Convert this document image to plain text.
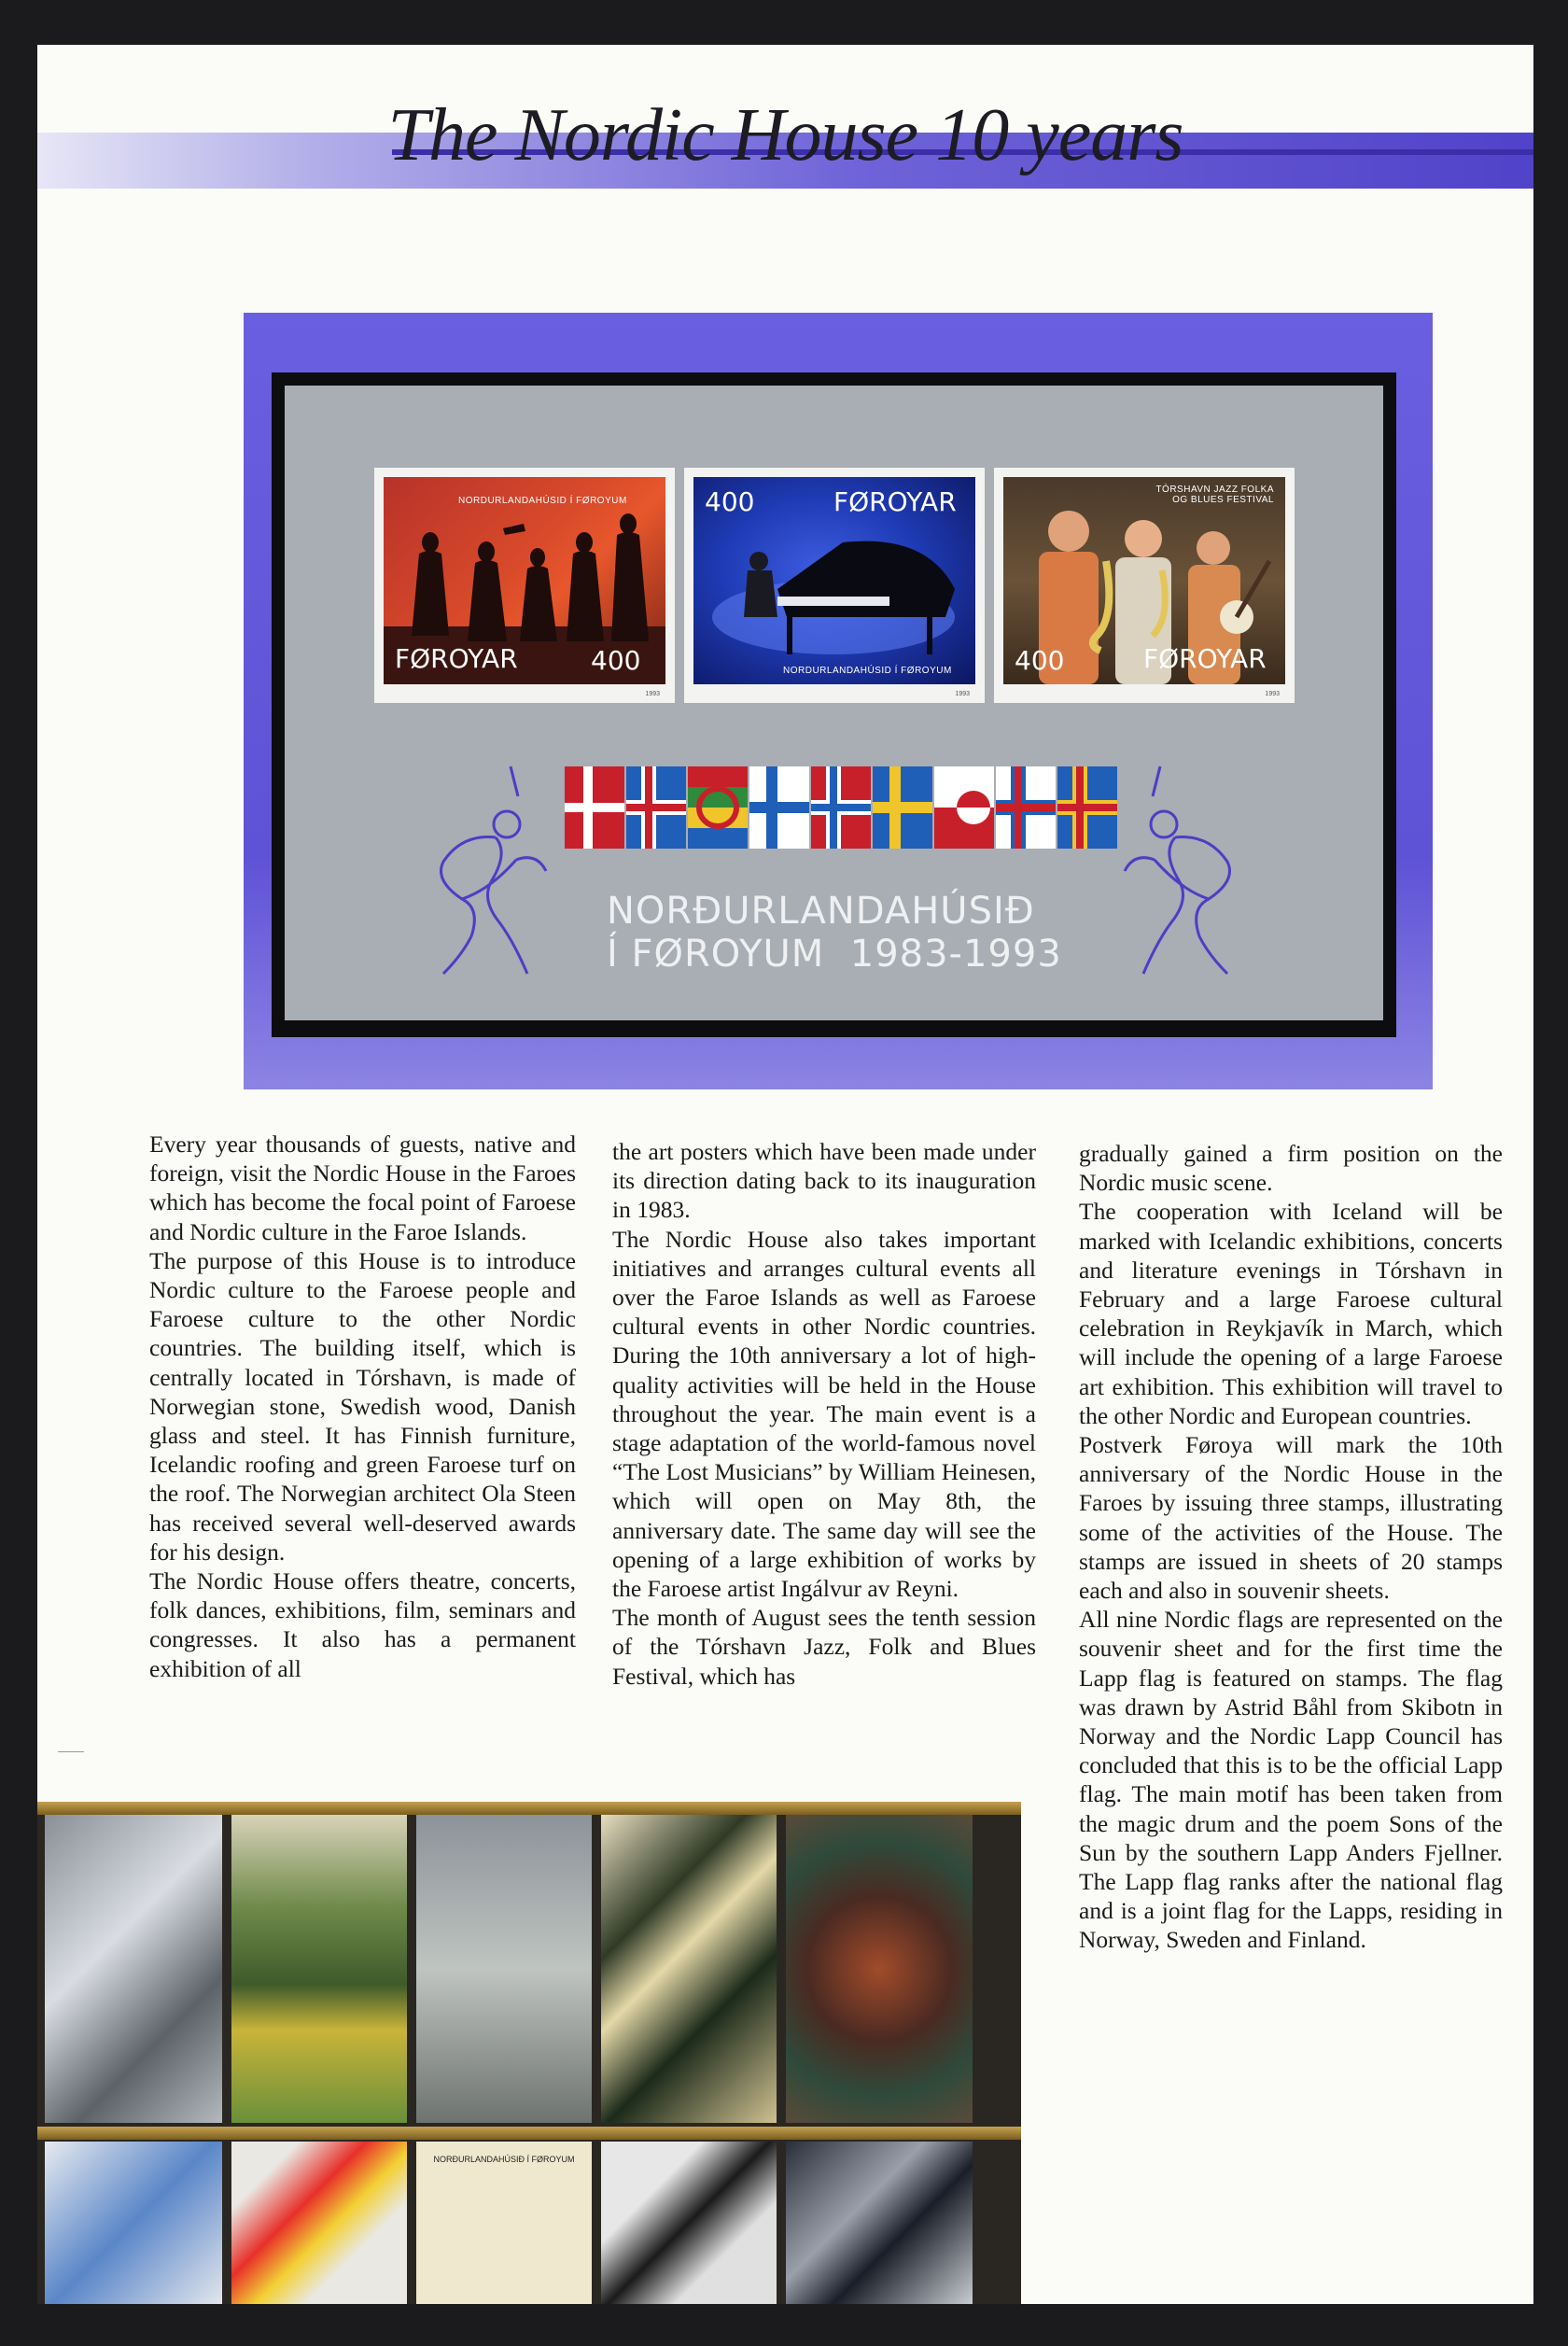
The Nordic House 10 years
NORDURLANDAHÚSID Í FØROYUM
FØROYAR	400
1993
400	FØROYAR
NORDURLANDAHÚSID Í FØROYUM
1993
TÓRSHAVN JAZZ FOLKA OG BLUES FESTIVAL
400	FØROYAR
1993
NORÐURLANDAHÚSIÐ
Í FØROYUM  1983-1993

Every year thousands of guests, native and foreign, visit the Nordic House in the Faroes which has become the focal point of Faroese and Nordic culture in the Faroe Islands.

The purpose of this House is to introduce Nordic culture to the Faroese people and Faroese culture to the other Nordic countries. The building itself, which is centrally located in Tórshavn, is made of Norwegian stone, Swedish wood, Danish glass and steel. It has Finnish furniture, Icelandic roofing and green Faroese turf on the roof. The Norwegian architect Ola Steen has received several well-deserved awards for his design.

The Nordic House offers theatre, concerts, folk dances, exhibitions, film, seminars and congresses. It also has a permanent exhibition of all

the art posters which have been made under its direction dating back to its inauguration in 1983.

The Nordic House also takes important initiatives and arranges cultural events all over the Faroe Islands as well as Faroese cultural events in other Nordic countries. During the 10th anniversary a lot of high-quality activities will be held in the House throughout the year. The main event is a stage adaptation of the world-famous novel “The Lost Musicians” by William Heinesen, which will open on May 8th, the anniversary date. The same day will see the opening of a large exhibition of works by the Faroese artist Ingálvur av Reyni.

The month of August sees the tenth session of the Tórshavn Jazz, Folk and Blues Festival, which has

gradually gained a firm position on the Nordic music scene.

The cooperation with Iceland will be marked with Icelandic exhibitions, concerts and literature evenings in Tórshavn in February and a large Faroese cultural celebration in Reykjavík in March, which will include the opening of a large Faroese art exhibition. This exhibition will travel to the other Nordic and European countries.

Postverk Føroya will mark the 10th anniversary of the Nordic House in the Faroes by issuing three stamps, illustrating some of the activities of the House. The stamps are issued in sheets of 20 stamps each and also in souvenir sheets.

All nine Nordic flags are represented on the souvenir sheet and for the first time the Lapp flag is featured on stamps. The flag was drawn by Astrid Båhl from Skibotn in Norway and the Nordic Lapp Council has concluded that this is to be the official Lapp flag. The main motif has been taken from the magic drum and the poem Sons of the Sun by the southern Lapp Anders Fjellner. The Lapp flag ranks after the national flag and is a joint flag for the Lapps, residing in Norway, Sweden and Finland.

NORÐURLANDAHÚSIÐ Í FØROYUM
